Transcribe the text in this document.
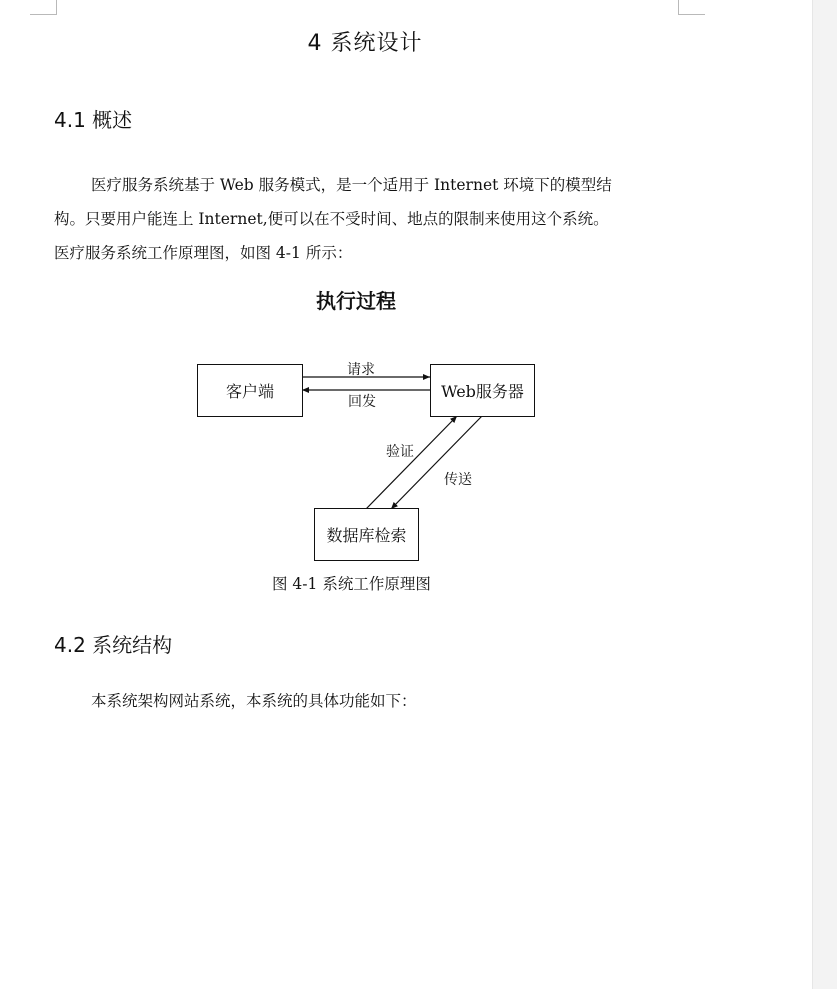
4 系统设计
4.1 概述
医疗服务系统基于 Web 服务模式，是一个适用于 Internet 环境下的模型结
构。只要用户能连上 Internet,便可以在不受时间、地点的限制来使用这个系统。
医疗服务系统工作原理图，如图 4-1 所示：
执行过程
客户端	Web服务器
数据库检索
请求
回发
验证
传送
图 4-1 系统工作原理图
4.2 系统结构
本系统架构网站系统，本系统的具体功能如下：
